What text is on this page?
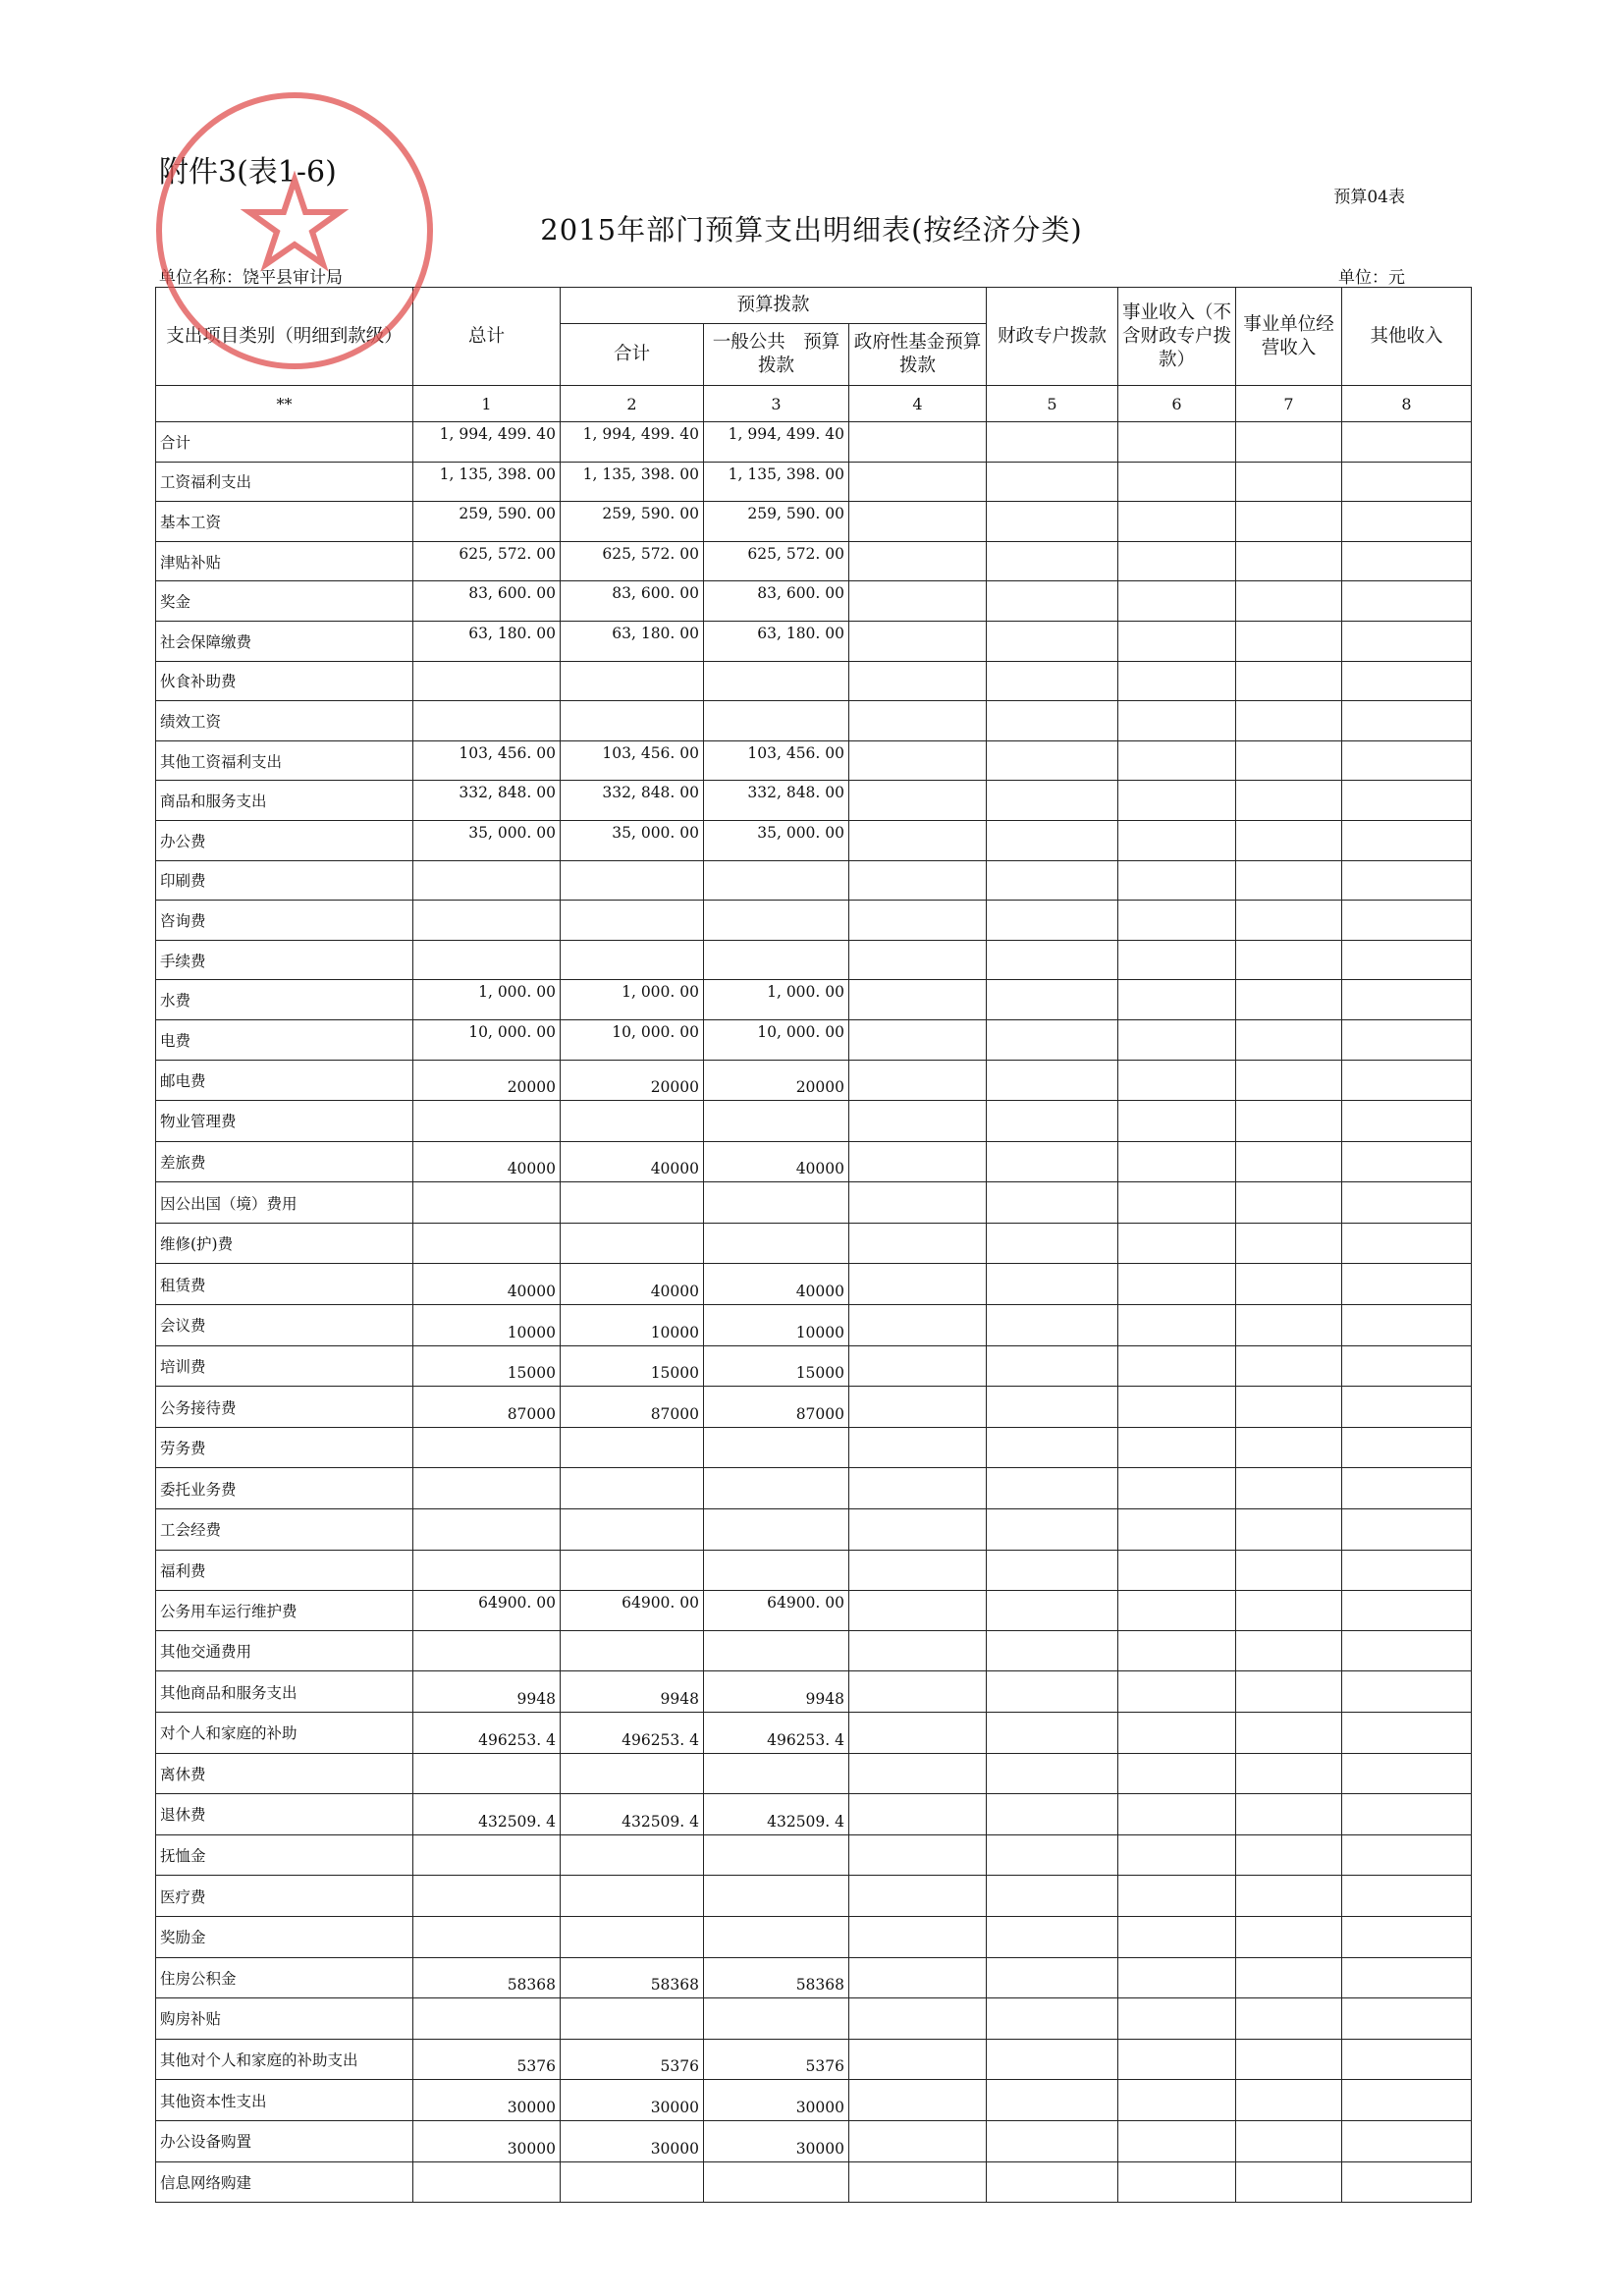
附件3(表1-6)
预算04表
2015年部门预算支出明细表(按经济分类)
单位名称：饶平县审计局	单位：元
支出项目类别（明细到款级）	总计	预算拨款			财政专户拨款	事业收入（不含财政专户拨款）	事业单位经营收入	其他收入
		合计	一般公共　预算拨款	政府性基金预算拨款				
**	1	2	3	4	5	6	7	8
合计	1, 994, 499. 40	1, 994, 499. 40	1, 994, 499. 40					
工资福利支出	1, 135, 398. 00	1, 135, 398. 00	1, 135, 398. 00					
基本工资	259, 590. 00	259, 590. 00	259, 590. 00					
津贴补贴	625, 572. 00	625, 572. 00	625, 572. 00					
奖金	83, 600. 00	83, 600. 00	83, 600. 00					
社会保障缴费	63, 180. 00	63, 180. 00	63, 180. 00					
伙食补助费								
绩效工资								
其他工资福利支出	103, 456. 00	103, 456. 00	103, 456. 00					
商品和服务支出	332, 848. 00	332, 848. 00	332, 848. 00					
办公费	35, 000. 00	35, 000. 00	35, 000. 00					
印刷费								
咨询费								
手续费								
水费	1, 000. 00	1, 000. 00	1, 000. 00					
电费	10, 000. 00	10, 000. 00	10, 000. 00					
邮电费	20000	20000	20000					
物业管理费								
差旅费	40000	40000	40000					
因公出国（境）费用								
维修(护)费								
租赁费	40000	40000	40000					
会议费	10000	10000	10000					
培训费	15000	15000	15000					
公务接待费	87000	87000	87000					
劳务费								
委托业务费								
工会经费								
福利费								
公务用车运行维护费	64900. 00	64900. 00	64900. 00					
其他交通费用								
其他商品和服务支出	9948	9948	9948					
对个人和家庭的补助	496253. 4	496253. 4	496253. 4					
离休费								
退休费	432509. 4	432509. 4	432509. 4					
抚恤金								
医疗费								
奖励金								
住房公积金	58368	58368	58368					
购房补贴								
其他对个人和家庭的补助支出	5376	5376	5376					
其他资本性支出	30000	30000	30000					
办公设备购置	30000	30000	30000					
信息网络购建								
